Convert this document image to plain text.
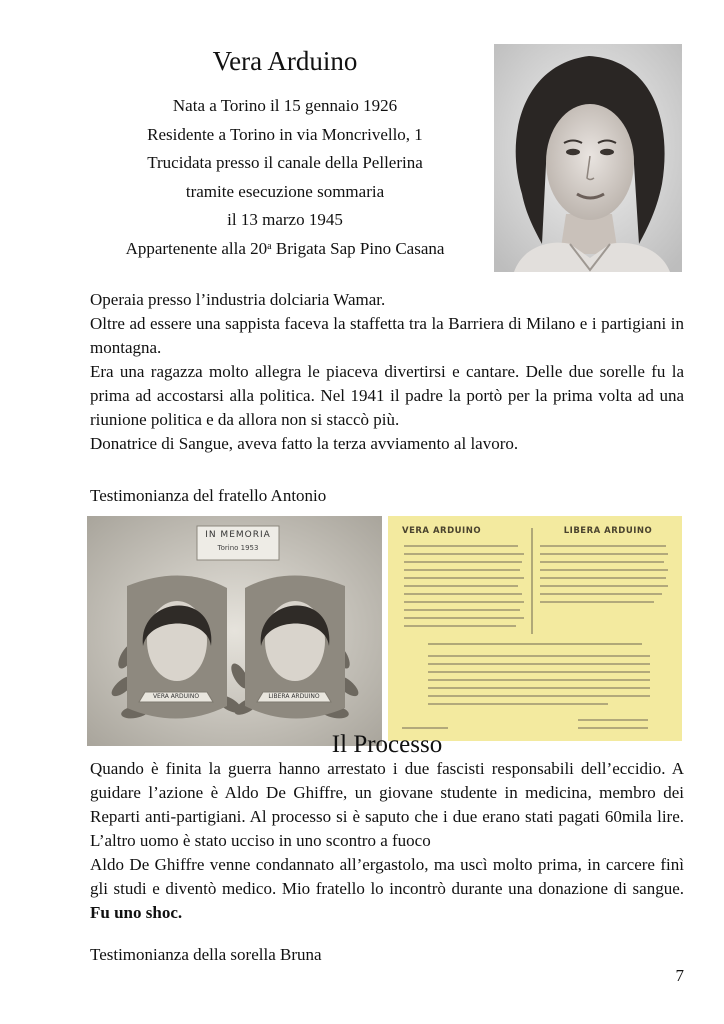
Vera Arduino
Nata a Torino il 15 gennaio 1926
Residente a Torino in via Moncrivello, 1
Trucidata presso il canale della Pellerina
tramite esecuzione sommaria
il 13 marzo 1945
Appartenente alla 20$^a$ Brigata Sap Pino Casana
Operaia presso l’industria dolciaria Wamar.
Oltre ad essere una sappista faceva la staffetta tra la Barriera di Milano e i partigiani in montagna.
Era una ragazza molto allegra le piaceva divertirsi e cantare. Delle due sorelle fu la prima ad accostarsi alla politica. Nel 1941 il padre la portò per la prima volta ad una riunione politica e da allora non si staccò più.
Donatrice di Sangue, aveva fatto la terza avviamento al lavoro.
Testimonianza del fratello Antonio
IN MEMORIA
Torino 1953
VERA ARDUINO	LIBERA ARDUINO
VERA ARDUINO	LIBERA ARDUINO
Il Processo
Quando è finita la guerra hanno arrestato i due fascisti responsabili dell’eccidio. A guidare l’azione è Aldo De Ghiffre, un giovane studente in medicina, membro dei Reparti anti-partigiani. Al processo si è saputo che i due erano stati pagati 60mila lire. L’altro uomo è stato ucciso in uno scontro a fuoco
Aldo De Ghiffre venne condannato all’ergastolo, ma uscì molto prima, in carcere finì gli studi e diventò medico. Mio fratello lo incontrò durante una donazione di sangue. Fu uno shoc.
Testimonianza della sorella Bruna
7
